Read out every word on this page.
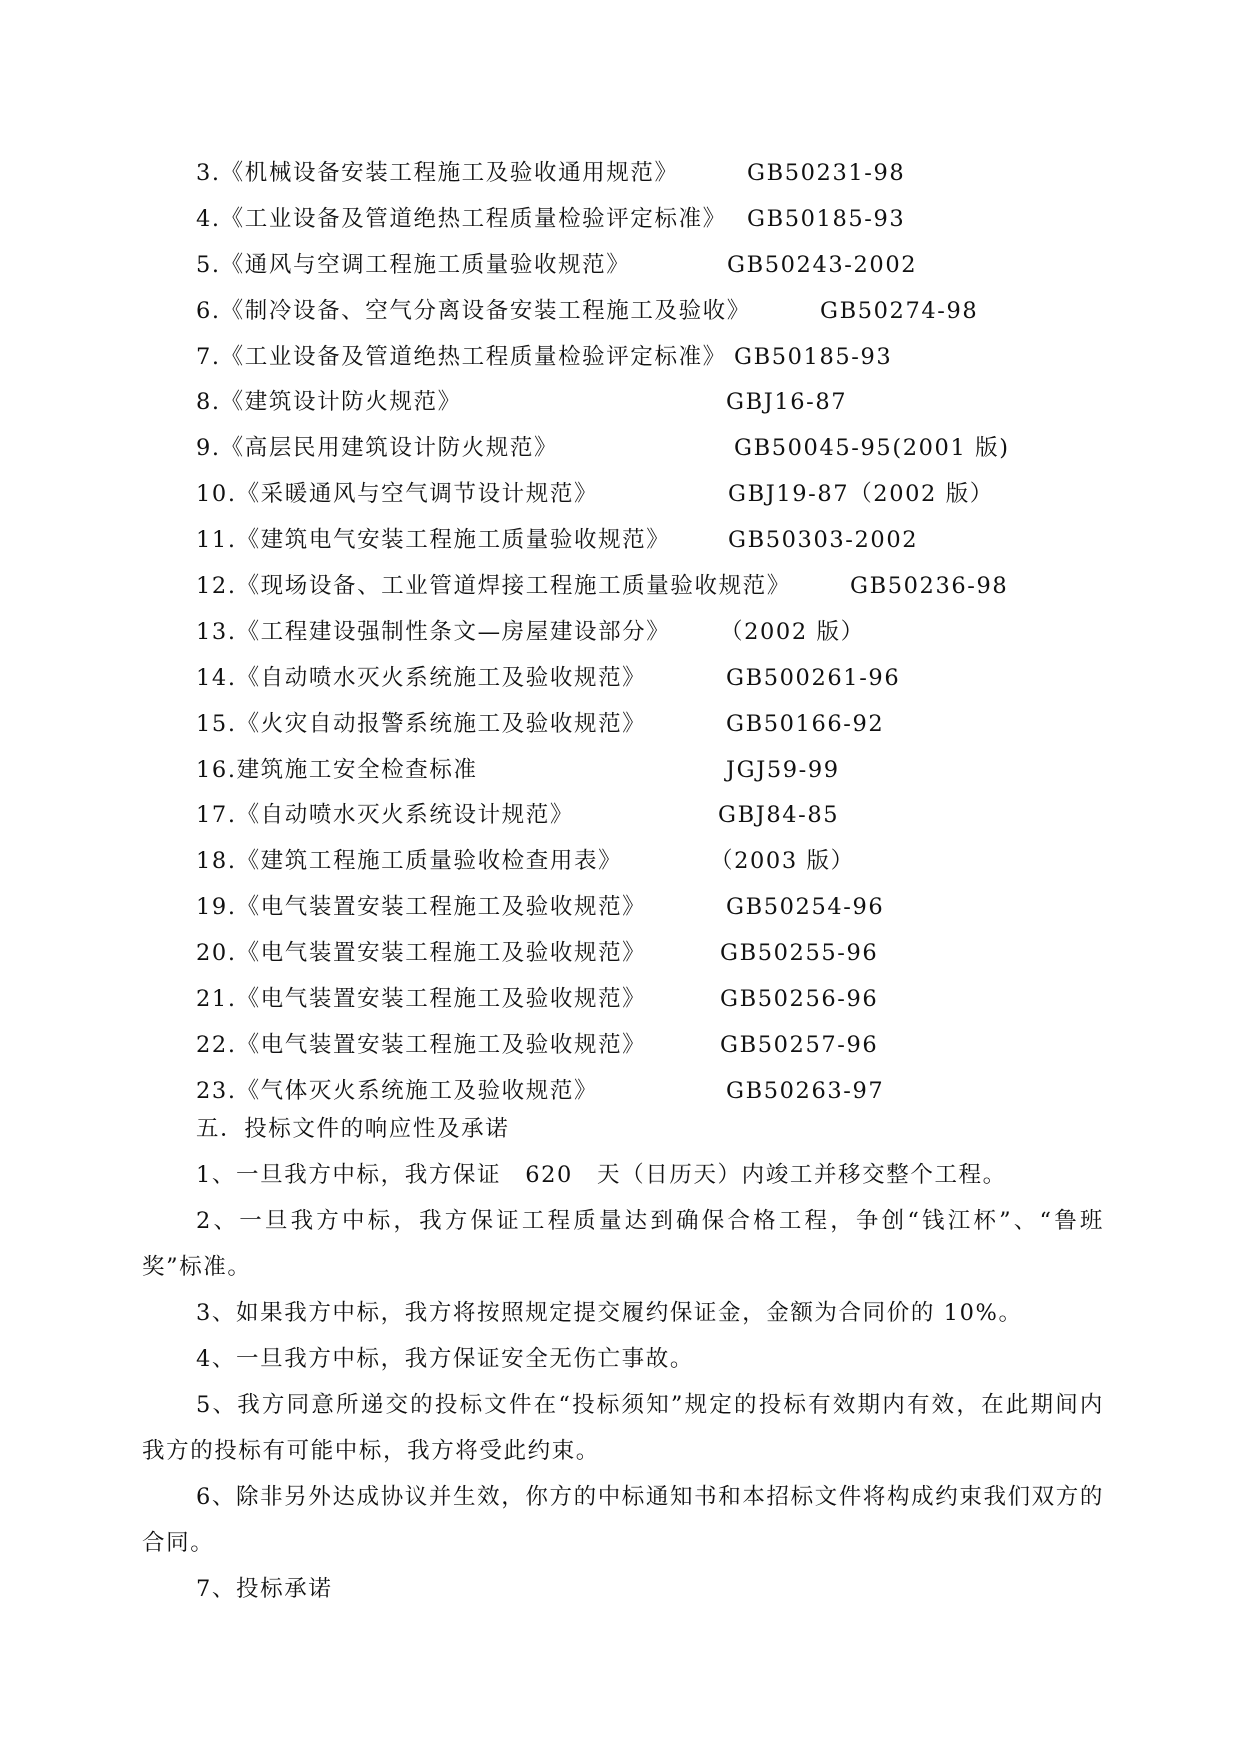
3.《机械设备安装工程施工及验收通用规范》	GB50231-98
4.《工业设备及管道绝热工程质量检验评定标准》 GB50185-93
5.《通风与空调工程施工质量验收规范》	GB50243-2002
6.《制冷设备、空气分离设备安装工程施工及验收》	GB50274-98
7.《工业设备及管道绝热工程质量检验评定标准》 GB50185-93
8.《建筑设计防火规范》	GBJ16-87
9.《高层民用建筑设计防火规范》	GB50045-95(2001 版)
10.《采暖通风与空气调节设计规范》	GBJ19-87（2002 版）
11.《建筑电气安装工程施工质量验收规范》	GB50303-2002
12.《现场设备、工业管道焊接工程施工质量验收规范》	GB50236-98
13.《工程建设强制性条文—房屋建设部分》 （2002 版）
14.《自动喷水灭火系统施工及验收规范》	GB500261-96
15.《火灾自动报警系统施工及验收规范》	GB50166-92
16.建筑施工安全检查标准	JGJ59-99
17.《自动喷水灭火系统设计规范》	GBJ84-85
18.《建筑工程施工质量验收检查用表》	（2003 版）
19.《电气装置安装工程施工及验收规范》	GB50254-96
20.《电气装置安装工程施工及验收规范》	GB50255-96
21.《电气装置安装工程施工及验收规范》	GB50256-96
22.《电气装置安装工程施工及验收规范》	GB50257-96
23.《气体灭火系统施工及验收规范》	GB50263-97
五．投标文件的响应性及承诺
1、一旦我方中标，我方保证　620　天（日历天）内竣工并移交整个工程。
2、一旦我方中标，我方保证工程质量达到确保合格工程，争创“钱江杯”、“鲁班奖”标准。
3、如果我方中标，我方将按照规定提交履约保证金，金额为合同价的 10%。
4、一旦我方中标，我方保证安全无伤亡事故。
5、我方同意所递交的投标文件在“投标须知”规定的投标有效期内有效，在此期间内我方的投标有可能中标，我方将受此约束。
6、除非另外达成协议并生效，你方的中标通知书和本招标文件将构成约束我们双方的合同。
7、投标承诺
